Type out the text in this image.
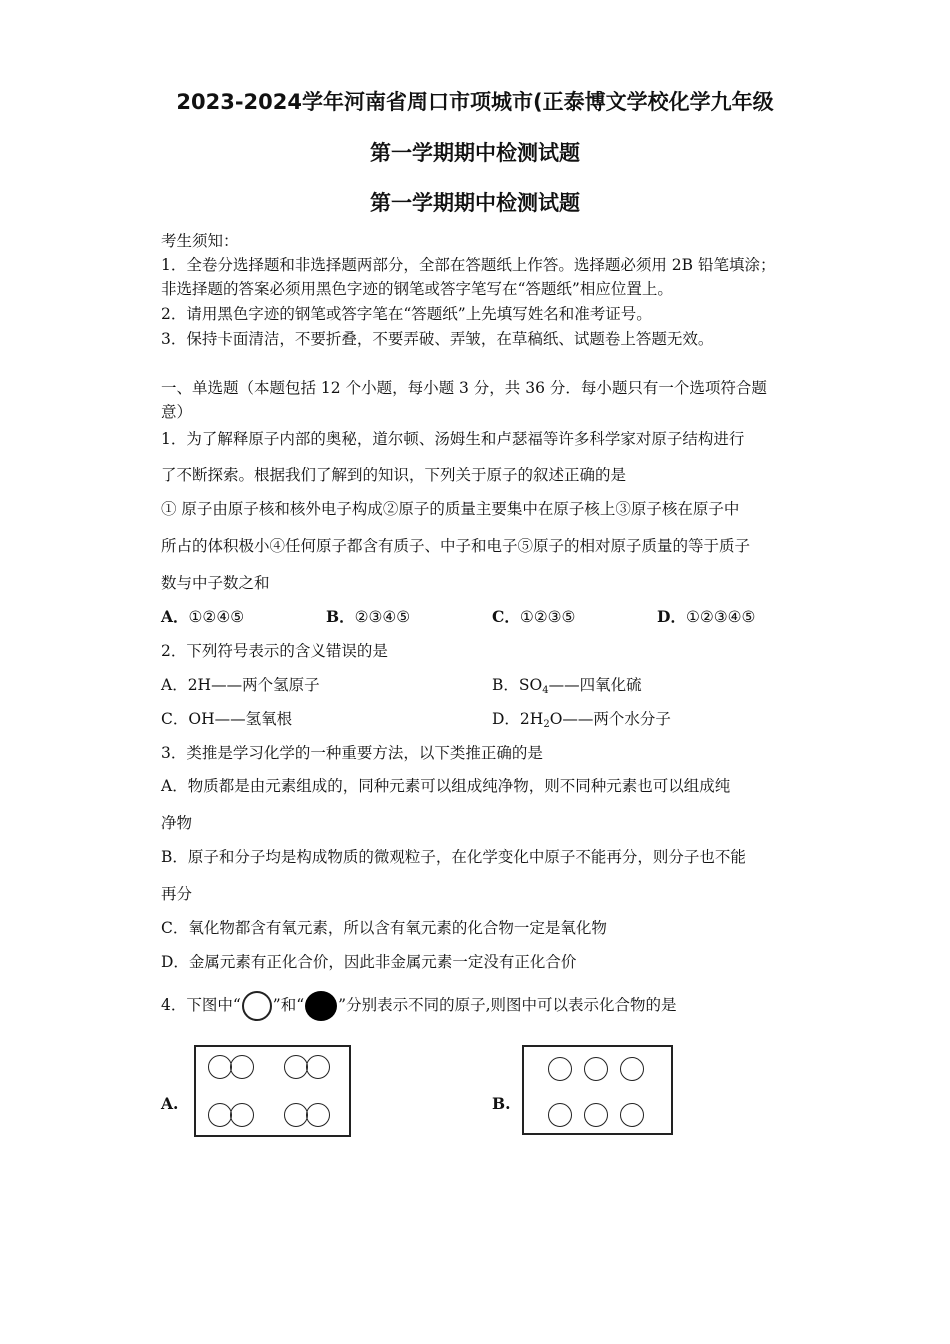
2023-2024学年河南省周口市项城市(正泰博文学校化学九年级
第一学期期中检测试题
第一学期期中检测试题
考生须知：
1．全卷分选择题和非选择题两部分，全部在答题纸上作答。选择题必须用 2B 铅笔填涂；
非选择题的答案必须用黑色字迹的钢笔或答字笔写在“答题纸”相应位置上。
2．请用黑色字迹的钢笔或答字笔在“答题纸”上先填写姓名和准考证号。
3．保持卡面清洁，不要折叠，不要弄破、弄皱，在草稿纸、试题卷上答题无效。
一、单选题（本题包括 12 个小题，每小题 3 分，共 36 分．每小题只有一个选项符合题
意）
1．为了解释原子内部的奥秘，道尔顿、汤姆生和卢瑟福等许多科学家对原子结构进行
了不断探索。根据我们了解到的知识，下列关于原子的叙述正确的是
① 原子由原子核和核外电子构成②原子的质量主要集中在原子核上③原子核在原子中
所占的体积极小④任何原子都含有质子、中子和电子⑤原子的相对原子质量的等于质子
数与中子数之和
A．①②④⑤	B．②③④⑤	C．①②③⑤	D．①②③④⑤
2．下列符号表示的含义错误的是
A．2H——两个氢原子	B．$SO_4——$四氧化硫
C．OH——氢氧根	D．$2H_2O——$两个水分子
3．类推是学习化学的一种重要方法，以下类推正确的是
A．物质都是由元素组成的，同种元素可以组成纯净物，则不同种元素也可以组成纯
净物
B．原子和分子均是构成物质的微观粒子，在化学变化中原子不能再分，则分子也不能
再分
C．氧化物都含有氧元素，所以含有氧元素的化合物一定是氧化物
D．金属元素有正化合价，因此非金属元素一定没有正化合价
4．下图中“ ”和“ ”分别表示不同的原子,则图中可以表示化合物的是
A.	B.
